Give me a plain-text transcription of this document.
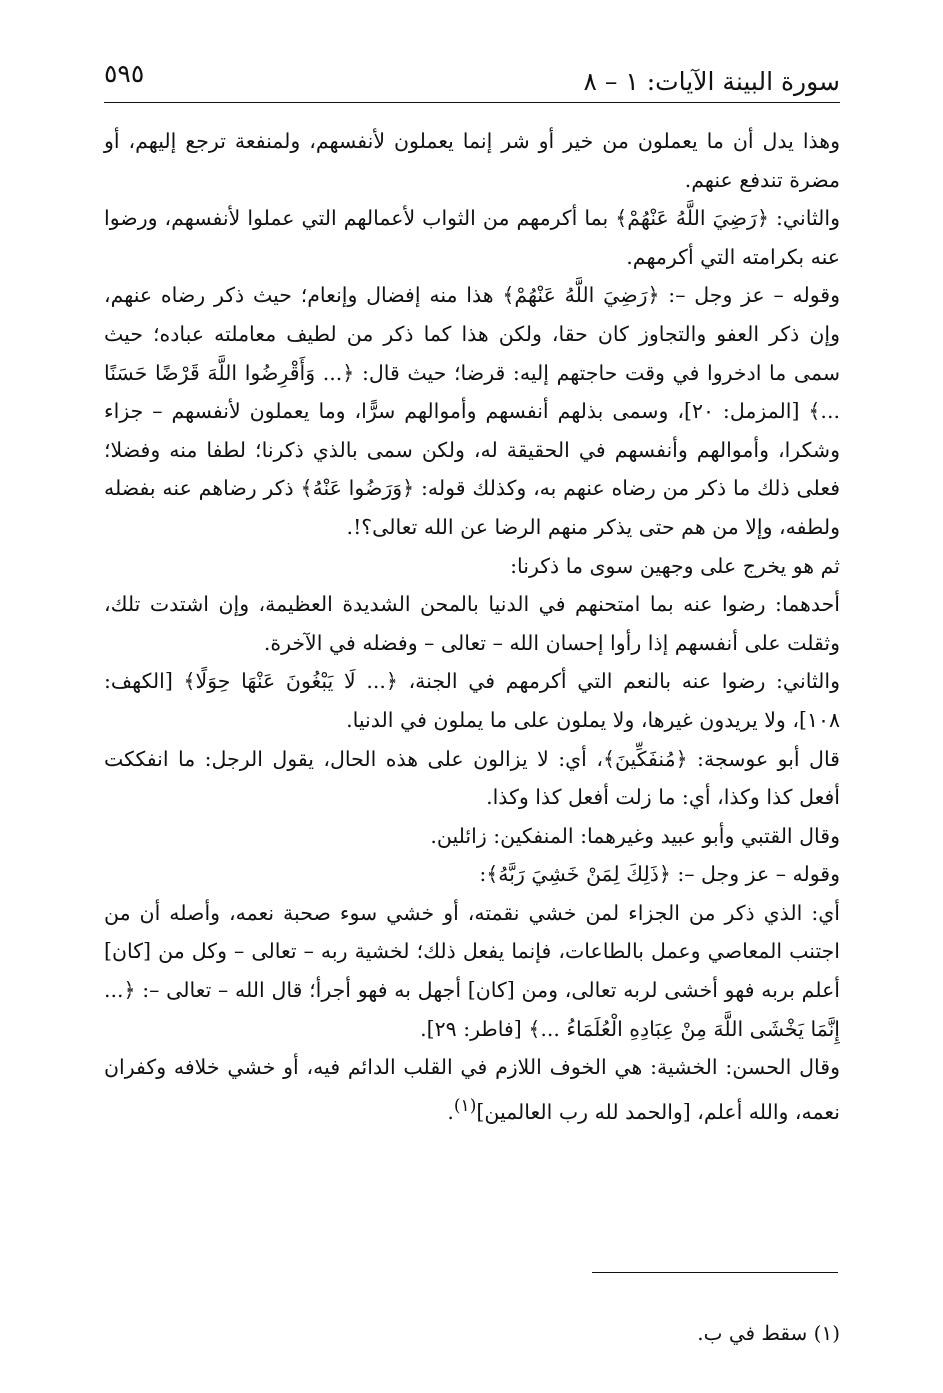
سورة البينة الآيات: ١ – ٨
٥٩٥

وهذا يدل أن ما يعملون من خير أو شر إنما يعملون لأنفسهم، ولمنفعة ترجع إليهم، أو مضرة تندفع عنهم.

والثاني: ﴿رَضِيَ اللَّهُ عَنْهُمْ﴾ بما أكرمهم من الثواب لأعمالهم التي عملوا لأنفسهم، ورضوا عنه بكرامته التي أكرمهم.

وقوله – عز وجل –: ﴿رَضِيَ اللَّهُ عَنْهُمْ﴾ هذا منه إفضال وإنعام؛ حيث ذكر رضاه عنهم، وإن ذكر العفو والتجاوز كان حقا، ولكن هذا كما ذكر من لطيف معاملته عباده؛ حيث سمى ما ادخروا في وقت حاجتهم إليه: قرضا؛ حيث قال: ﴿... وَأَقْرِضُوا اللَّهَ قَرْضًا حَسَنًا ...﴾ [المزمل: ٢٠]، وسمى بذلهم أنفسهم وأموالهم سرًّا، وما يعملون لأنفسهم – جزاء وشكرا، وأموالهم وأنفسهم في الحقيقة له، ولكن سمى بالذي ذكرنا؛ لطفا منه وفضلا؛ فعلى ذلك ما ذكر من رضاه عنهم به، وكذلك قوله: ﴿وَرَضُوا عَنْهُ﴾ ذكر رضاهم عنه بفضله ولطفه، وإلا من هم حتى يذكر منهم الرضا عن الله تعالى؟!.

ثم هو يخرج على وجهين سوى ما ذكرنا:

أحدهما: رضوا عنه بما امتحنهم في الدنيا بالمحن الشديدة العظيمة، وإن اشتدت تلك، وثقلت على أنفسهم إذا رأوا إحسان الله – تعالى – وفضله في الآخرة.

والثاني: رضوا عنه بالنعم التي أكرمهم في الجنة، ﴿... لَا يَبْغُونَ عَنْهَا حِوَلًا﴾ [الكهف: ١٠٨]، ولا يريدون غيرها، ولا يملون على ما يملون في الدنيا.

قال أبو عوسجة: ﴿مُنفَكِّينَ﴾، أي: لا يزالون على هذه الحال، يقول الرجل: ما انفككت أفعل كذا وكذا، أي: ما زلت أفعل كذا وكذا.

وقال القتبي وأبو عبيد وغيرهما: المنفكين: زائلين.

وقوله – عز وجل –: ﴿ذَلِكَ لِمَنْ خَشِيَ رَبَّهُ﴾:

أي: الذي ذكر من الجزاء لمن خشي نقمته، أو خشي سوء صحبة نعمه، وأصله أن من اجتنب المعاصي وعمل بالطاعات، فإنما يفعل ذلك؛ لخشية ربه – تعالى – وكل من [كان] أعلم بربه فهو أخشى لربه تعالى، ومن [كان] أجهل به فهو أجرأ؛ قال الله – تعالى –: ﴿... إِنَّمَا يَخْشَى اللَّهَ مِنْ عِبَادِهِ الْعُلَمَاءُ ...﴾ [فاطر: ٢٩].

وقال الحسن: الخشية: هي الخوف اللازم في القلب الدائم فيه، أو خشي خلافه وكفران نعمه، والله أعلم، [والحمد لله رب العالمين]$^{(١)}$.

(١) سقط في ب.
